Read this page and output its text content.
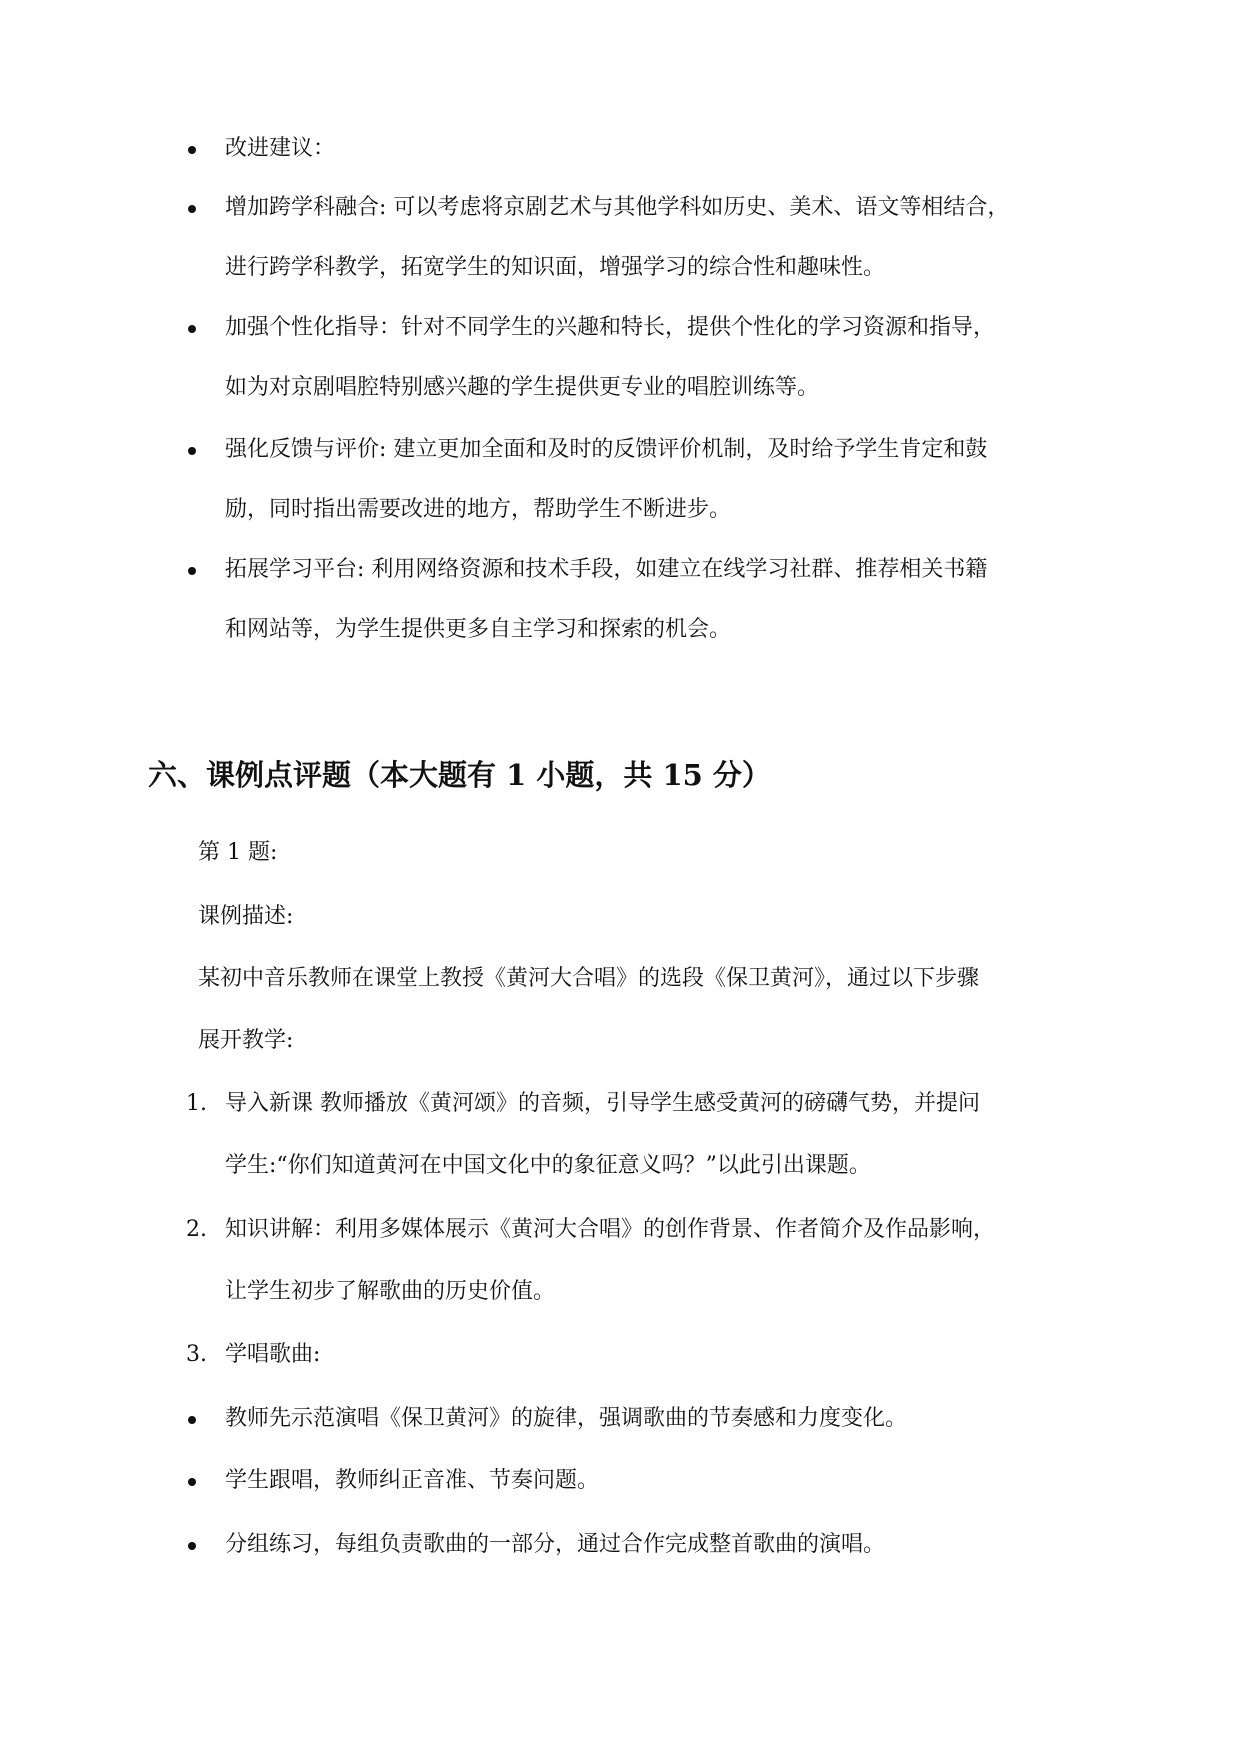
改进建议：
增加跨学科融合: 可以考虑将京剧艺术与其他学科如历史、美术、语文等相结合，
进行跨学科教学，拓宽学生的知识面，增强学习的综合性和趣味性。
加强个性化指导：针对不同学生的兴趣和特长，提供个性化的学习资源和指导，
如为对京剧唱腔特别感兴趣的学生提供更专业的唱腔训练等。
强化反馈与评价: 建立更加全面和及时的反馈评价机制，及时给予学生肯定和鼓
励，同时指出需要改进的地方，帮助学生不断进步。
拓展学习平台: 利用网络资源和技术手段，如建立在线学习社群、推荐相关书籍
和网站等，为学生提供更多自主学习和探索的机会。
六、课例点评题（本大题有 1 小题，共 15 分）
第 1 题:
课例描述:
某初中音乐教师在课堂上教授《黄河大合唱》的选段《保卫黄河》，通过以下步骤
展开教学:
1. 导入新课 教师播放《黄河颂》的音频，引导学生感受黄河的磅礴气势，并提问
学生:“你们知道黄河在中国文化中的象征意义吗？”以此引出课题。
2. 知识讲解：利用多媒体展示《黄河大合唱》的创作背景、作者简介及作品影响，
让学生初步了解歌曲的历史价值。
3. 学唱歌曲:
教师先示范演唱《保卫黄河》的旋律，强调歌曲的节奏感和力度变化。
学生跟唱，教师纠正音准、节奏问题。
分组练习，每组负责歌曲的一部分，通过合作完成整首歌曲的演唱。
